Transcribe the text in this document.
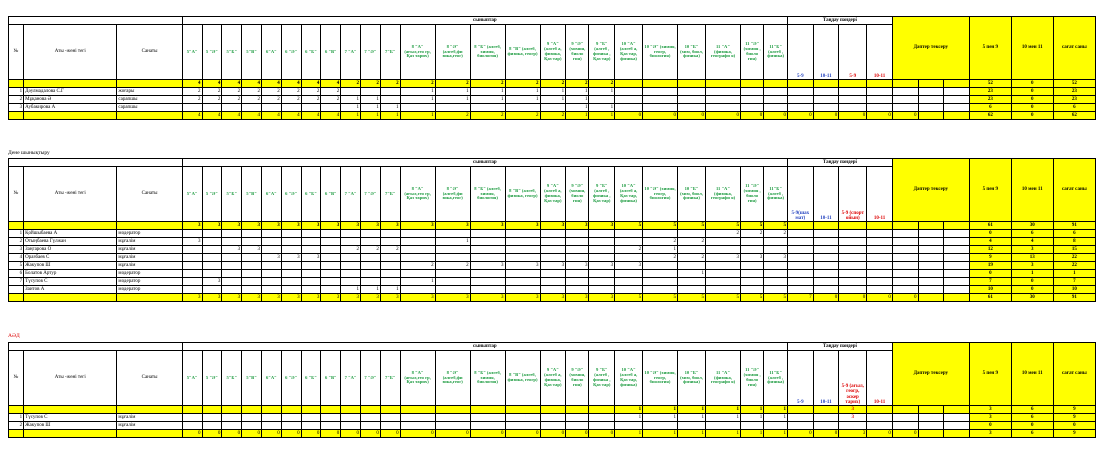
			сыныптар																								Таңдау пәндері				Дәптер тексеру			5 пен 9	10 мен 11	сағат саны
№	Аты -жөні тегі	Санаты	5"А"	5 "Ә"	5"Б"	5"В"	6"А"	6 "Ә"	6 "Б"	6 "В"	7 "А"	7 "Ә"	7"Б"	8 "А" (ағыл,гео гр, Қаз тарих)	8 "Ә" (алгеб,фи зика,геог)	8 "Б" (алгеб, химия, биология)	8 "В" (алгеб, физика, геогр)	9 "А" (алгеб а, физика, Қаз тар)	9 "Ә" (химия, биоло гия)	9 "Б" (алгеб , физика , Қаз тар)	10 "А" (алгеб а, Қаз тар, физика)	10 "Ә" (химия, геогр, биология)	10 "Б" (хим, биол, физика)	11 "А" (физика, географи я)	11 "Ә" (химия , биоло гия)	11"Б" (алгеб , физика)	5-9	10-11	5-9	10-11						
			4	4	4	4	4	4	4	4	2	2	2	2	2	2	2	2	2	2														52	0	52
1	Дәулмадалова С.Г	жоғары	2	2	2	2	2	2	2	2				1	1	1	1	1	1	1														23	0	23
2	Мұқанова Ә	сарапшы	2	2	2	2	2	2	2	2	1	1		1	1	1	1	1	1															23	0	23
3	Аубакирова А	сарапшы									1	1	1						1	1														6	0	6
			4	4	4	4	4	4	4	4	1	1	1	1	2	2	2	2	1	1	0	0	0	0	0	0	0	0	0	0	0			62	0	62
Дене шынықтыру
			сыныптар																								Таңдау пәндері				Дәптер тексеру			5 пен 9	10 мен 11	сағат саны
№	Аты -жөні тегі	Санаты	5"А"	5 "Ә"	5"Б"	5"В"	6"А"	6 "Ә"	6 "Б"	6 "В"	7 "А"	7 "Ә"	7"Б"	8 "А" (ағыл,гео гр, Қаз тарих)	8 "Ә" (алгеб,фи зика,геог)	8 "Б" (алгеб, химия, биология)	8 "В" (алгеб, физика, геогр)	9 "А" (алгеб а, физика, Қаз тар)	9 "Ә" (химия, биоло гия)	9 "Б" (алгеб , физика , Қаз тар)	10 "А" (алгеб а, Қаз тар, физика)	10 "Ә" (химия, геогр, биология)	10 "Б" (хим, биол, физика)	11 "А" (физика, географи я)	11 "Ә" (химия , биоло гия)	11"Б" (алгеб , физика)	5-9(шах мат)	10-11	5-9 (спорт ойын)	10-11						
			3	3	3	3	3	3	3	3	3	3	3	3	3	3	3	3	3	3	5	5	5	5	5	5								61	30	91
1	Қойшыбаева А	модератор																						2	2	2								0	6	6
2	Отыңбаева Гүлжан	мұғалім	3												1							2	2											4	4	8
3	Заңгарова О	мұғалім			3	3					2	2	2								2	1												12	3	15
4	Оразбаев С	мұғалім					3	3	3													2	2	3	3	3								9	13	22
5	Жакупов Ш	мұғалім												2	2	3	3	3	3	3	3													19	3	22
6	Болатов Артур	модератор																					1											0	1	1
7	Түсупов С	модератор		3										1																				7	0	7
	Заитов А	модератор									1	1	1																					10	0	10
			3	3	3	3	3	3	3	3	3	3	3	3	3	3	3	3	3	3	5	5	5	5	5	5	7	0	0	0	0			61	30	91
АӘД
			сыныптар																								Таңдау пәндері				Дәптер тексеру			5 пен 9	10 мен 11	сағат саны
№	Аты -жөні тегі	Санаты	5"А"	5 "Ә"	5"Б"	5"В"	6"А"	6 "Ә"	6 "Б"	6 "В"	7 "А"	7 "Ә"	7"Б"	8 "А" (ағыл,гео гр, Қаз тарих)	8 "Ә" (алгеб,фи зика,геог)	8 "Б" (алгеб, химия, биология)	8 "В" (алгеб, физика, геогр)	9 "А" (алгеб а, физика, Қаз тар)	9 "Ә" (химия, биоло гия)	9 "Б" (алгеб , физика , Қаз тар)	10 "А" (алгеб а, Қаз тар, физика)	10 "Ә" (химия, геогр, биология)	10 "Б" (хим, биол, физика)	11 "А" (физика, географи я)	11 "Ә" (химия , биоло гия)	11"Б" (алгеб , физика)	5-9	10-11	5-9 (ағыл, геогр, әскер тарих)	10-11						
																					1	1	1	1	1	1			3					3	6	9
1	Түсупов С	мұғалім																			1	1	1	1	1	1			3					3	6	9
2	Жакупов Ш	мұғалім																																0	0	0
			0	0	0	0	0	0	0	0	0	0	0	0	0	0	0	0	0	0	1	1	1	1	1	1	0	0	3	0	0			3	6	9
